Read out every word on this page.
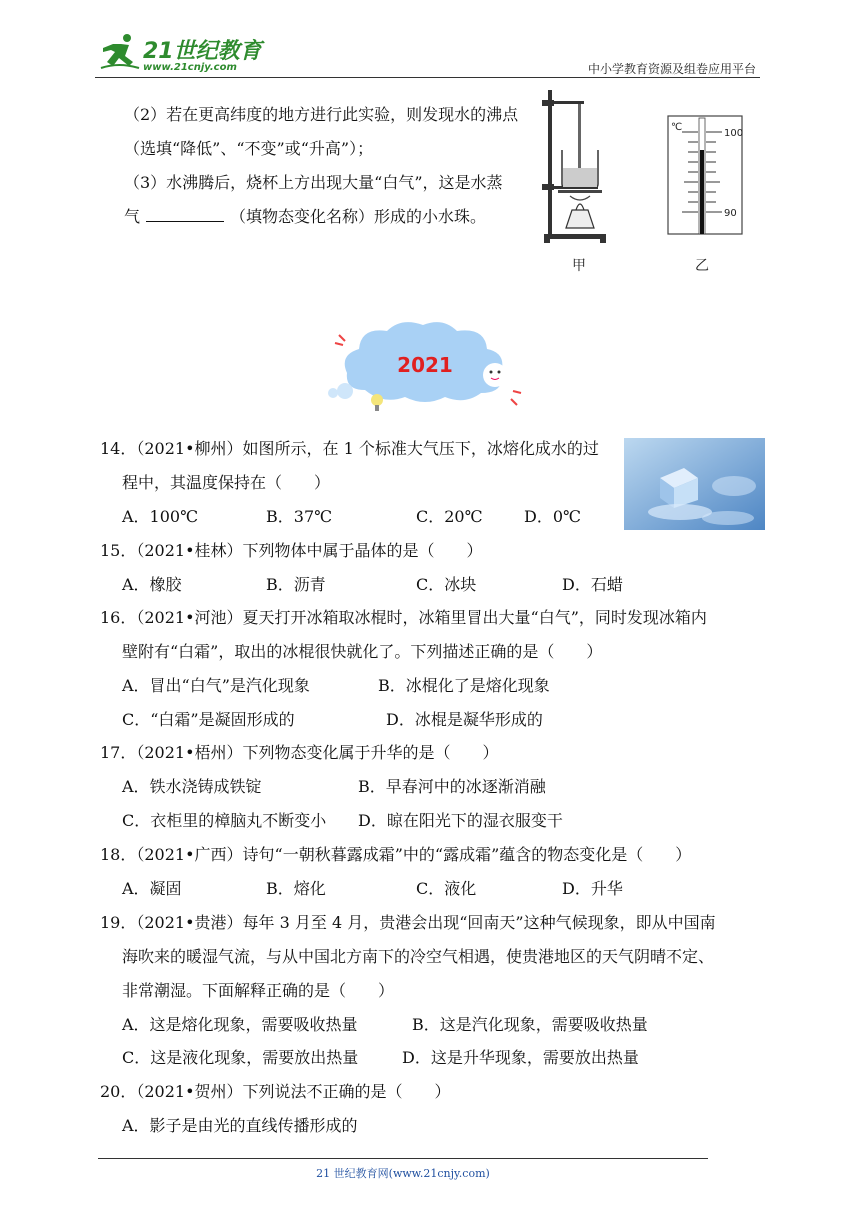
21世纪教育
www.21cnjy.com	中小学教育资源及组卷应用平台
（2）若在更高纬度的地方进行此实验，则发现水的沸点
（选填“降低”、“不变”或“升高”）；
（3）水沸腾后，烧杯上方出现大量“白气”，这是水蒸
气	（填物态变化名称）形成的小水珠。
℃
100
90
甲	乙
2021
14．（2021•柳州）如图所示，在 1 个标准大气压下，冰熔化成水的过
程中，其温度保持在（　　）
A．100℃	B．37℃	C．20℃	D．0℃
15．（2021•桂林）下列物体中属于晶体的是（　　）
A．橡胶	B．沥青	C．冰块	D．石蜡
16．（2021•河池）夏天打开冰箱取冰棍时，冰箱里冒出大量“白气”，同时发现冰箱内
壁附有“白霜”，取出的冰棍很快就化了。下列描述正确的是（　　）
A．冒出“白气”是汽化现象	B．冰棍化了是熔化现象
C．“白霜”是凝固形成的	D．冰棍是凝华形成的
17．（2021•梧州）下列物态变化属于升华的是（　　）
A．铁水浇铸成铁锭	B．早春河中的冰逐渐消融
C．衣柜里的樟脑丸不断变小 D．晾在阳光下的湿衣服变干
18．（2021•广西）诗句“一朝秋暮露成霜”中的“露成霜”蕴含的物态变化是（　　）
A．凝固	B．熔化	C．液化	D．升华
19．（2021•贵港）每年 3 月至 4 月，贵港会出现“回南天”这种气候现象，即从中国南
海吹来的暖湿气流，与从中国北方南下的冷空气相遇，使贵港地区的天气阴晴不定、
非常潮湿。下面解释正确的是（　　）
A．这是熔化现象，需要吸收热量	B．这是汽化现象，需要吸收热量
C．这是液化现象，需要放出热量	D．这是升华现象，需要放出热量
20．（2021•贺州）下列说法不正确的是（　　）
A．影子是由光的直线传播形成的
21 世纪教育网(www.21cnjy.com)
